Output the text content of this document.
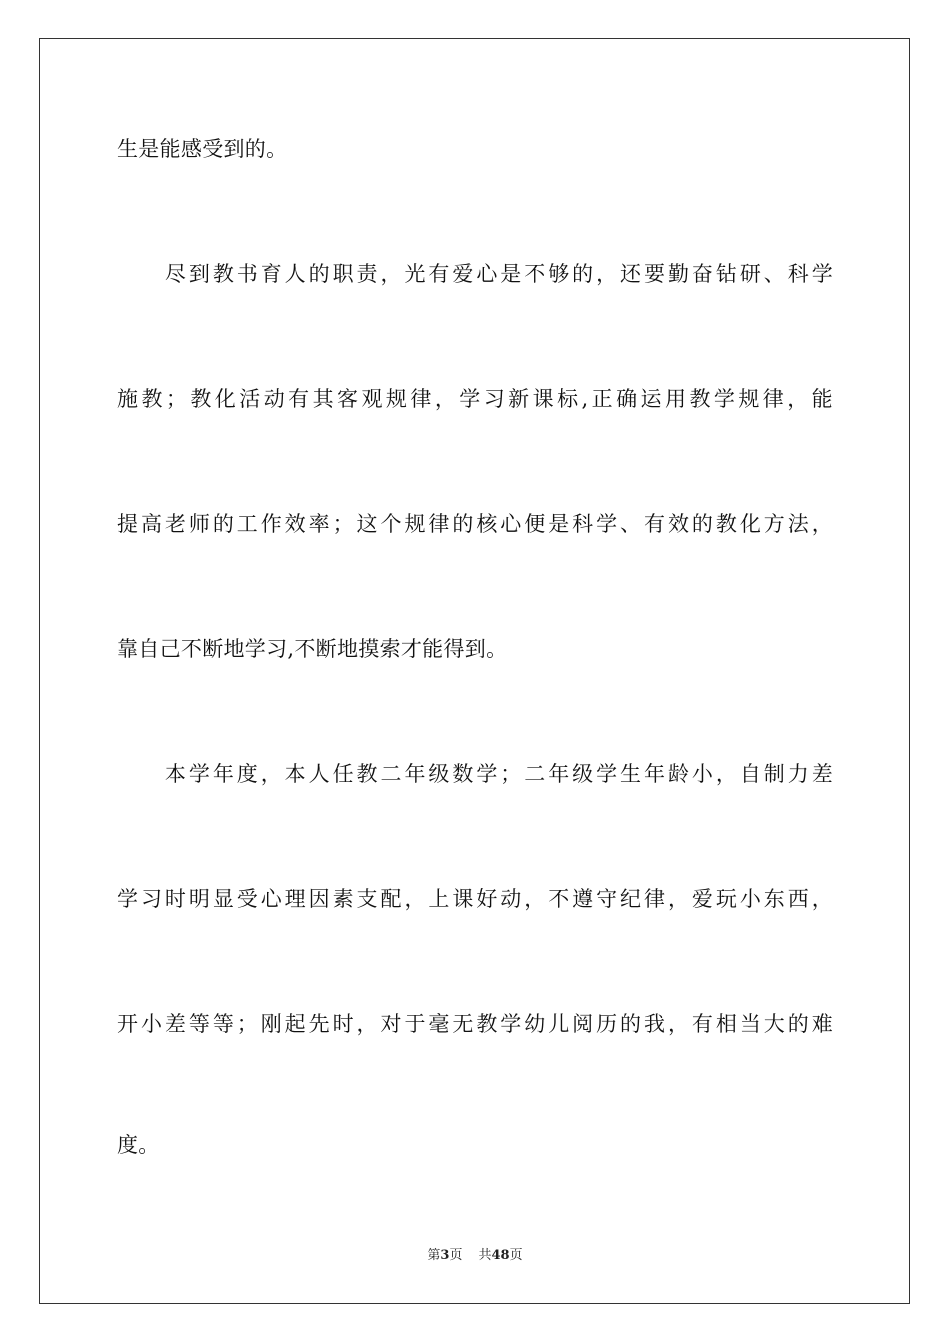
生是能感受到的。
　　尽到教书育人的职责，光有爱心是不够的，还要勤奋钻研、科学
施教；教化活动有其客观规律，学习新课标,正确运用教学规律，能
提高老师的工作效率；这个规律的核心便是科学、有效的教化方法，
靠自己不断地学习,不断地摸索才能得到。
　　本学年度，本人任教二年级数学；二年级学生年龄小，自制力差
学习时明显受心理因素支配，上课好动，不遵守纪律，爱玩小东西，
开小差等等；刚起先时，对于毫无教学幼儿阅历的我，有相当大的难
度。
第3页 共48页
